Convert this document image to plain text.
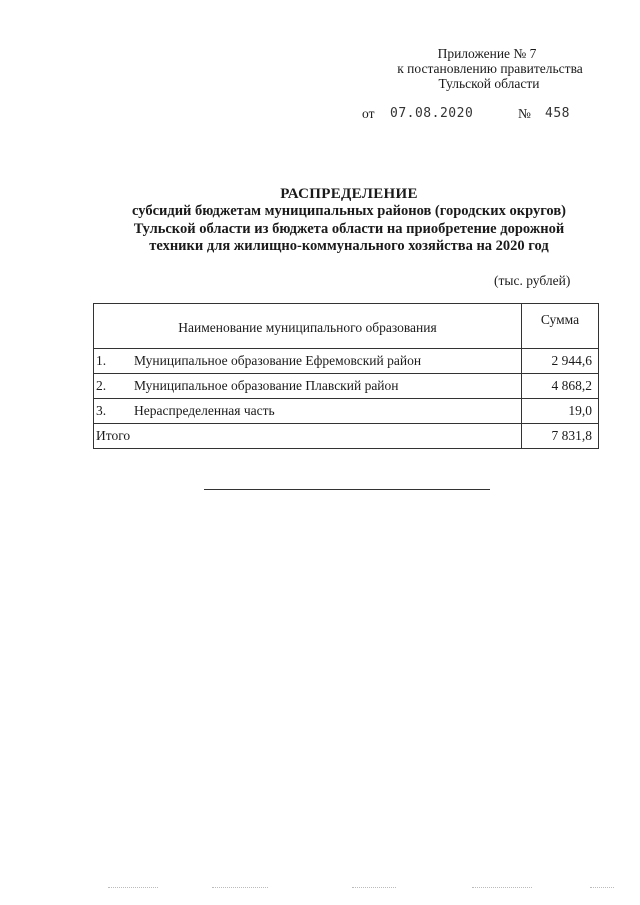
Приложение № 7
к постановлению правительства
Тульской области
от 07.08.2020	№ 458
РАСПРЕДЕЛЕНИЕ
субсидий бюджетам муниципальных районов (городских округов)
Тульской области из бюджета области на приобретение дорожной
техники для жилищно-коммунального хозяйства на 2020 год
(тыс. рублей)
Наименование муниципального образования	Сумма
1. Муниципальное образование Ефремовский район	2 944,6
2. Муниципальное образование Плавский район	4 868,2
3. Нераспределенная часть	19,0
Итого	7 831,8
